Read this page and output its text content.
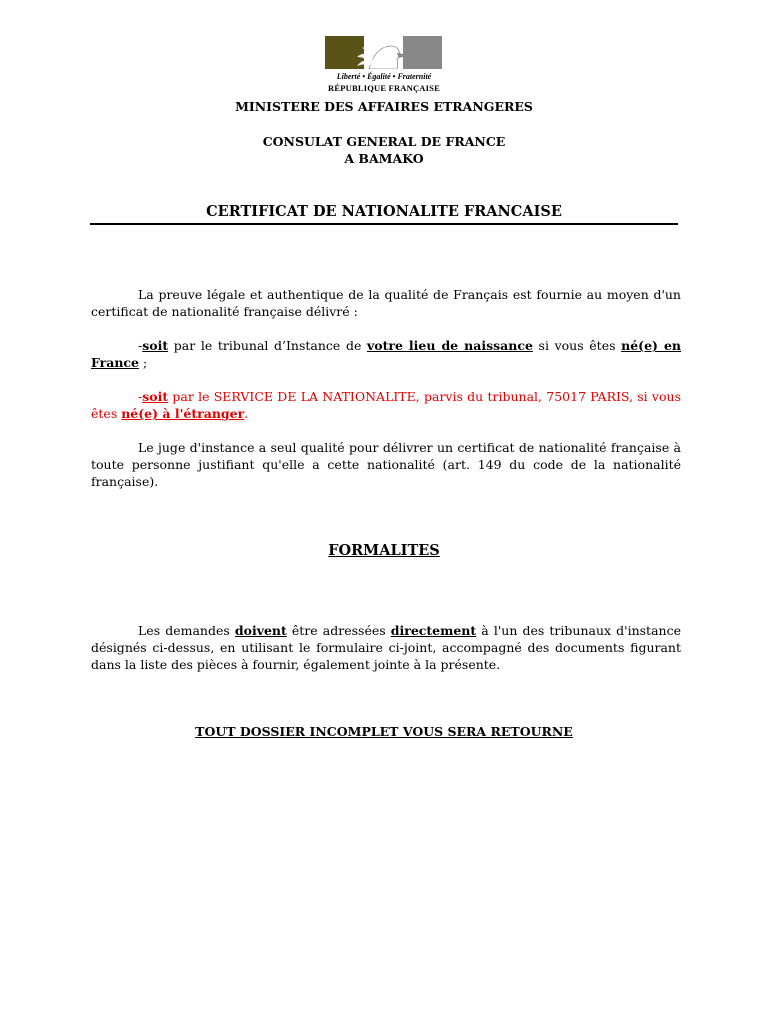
Liberté • Égalité • Fraternité
RÉPUBLIQUE FRANÇAISE
MINISTERE DES AFFAIRES ETRANGERES
CONSULAT GENERAL DE FRANCE
A BAMAKO
CERTIFICAT DE NATIONALITE FRANCAISE
La preuve légale et authentique de la qualité de Français est fournie au moyen d'un certificat de nationalité française délivré :
-soit par le tribunal d’Instance de votre lieu de naissance si vous êtes né(e) en France ;
-soit par le SERVICE DE LA NATIONALITE, parvis du tribunal, 75017 PARIS, si vous êtes né(e) à l'étranger.
Le juge d'instance a seul qualité pour délivrer un certificat de nationalité française à toute personne justifiant qu'elle a cette nationalité (art. 149 du code de la nationalité française).
FORMALITES
Les demandes doivent être adressées directement à l'un des tribunaux d'instance désignés ci-dessus, en utilisant le formulaire ci-joint, accompagné des documents figurant dans la liste des pièces à fournir, également jointe à la présente.
TOUT DOSSIER INCOMPLET VOUS SERA RETOURNE
